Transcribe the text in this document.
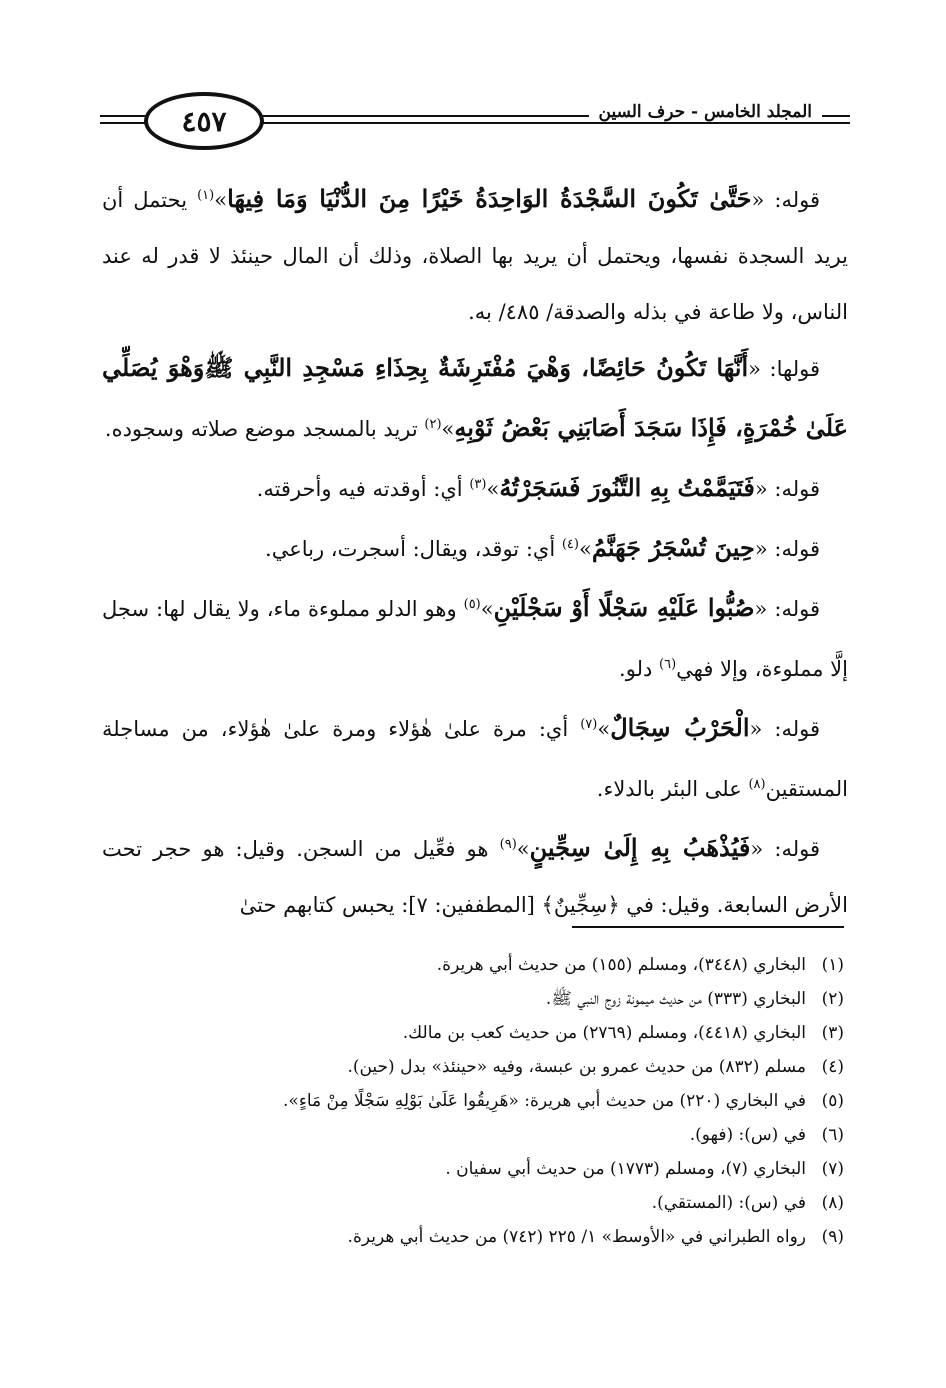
٤٥٧	المجلد الخامس - حرف السين

قوله: «حَتَّىٰ تَكُونَ السَّجْدَةُ الوَاحِدَةُ خَيْرًا مِنَ الدُّنْيَا وَمَا فِيهَا»$^{(١)}$ يحتمل أن يريد السجدة نفسها، ويحتمل أن يريد بها الصلاة، وذلك أن المال حينئذ لا قدر له عند الناس، ولا طاعة في بذله والصدقة/ ٤٨٥/ به.

قولها: «أَنَّهَا تَكُونُ حَائِضًا، وَهْيَ مُفْتَرِشَةٌ بِحِذَاءِ مَسْجِدِ النَّبِي ﷺوَهْوَ يُصَلِّي عَلَىٰ خُمْرَةٍ، فَإِذَا سَجَدَ أَصَابَنِي بَعْضُ ثَوْبِهِ»$^{(٢)}$ تريد بالمسجد موضع صلاته وسجوده.

قوله: «فَتَيَمَّمْتُ بِهِ التَّنُورَ فَسَجَرْتُهُ»$^{(٣)}$ أي: أوقدته فيه وأحرقته.

قوله: «حِينَ تُسْجَرُ جَهَنَّمُ»$^{(٤)}$ أي: توقد، ويقال: أسجرت، رباعي.

قوله: «صُبُّوا عَلَيْهِ سَجْلًا أَوْ سَجْلَيْنِ»$^{(٥)}$ وهو الدلو مملوءة ماء، ولا يقال لها: سجل إلَّا مملوءة، وإلا فهي$^{(٦)}$ دلو.

قوله: «الْحَرْبُ سِجَالٌ»$^{(٧)}$ أي: مرة علىٰ هٰؤلاء ومرة علىٰ هٰؤلاء، من مساجلة المستقين$^{(٨)}$ على البئر بالدلاء.

قوله: «فَيُذْهَبُ بِهِ إِلَىٰ سِجِّينٍ»$^{(٩)}$ هو فعِّيل من السجن. وقيل: هو حجر تحت الأرض السابعة. وقيل: في ﴿سِجِّينٌ﴾ [المطففين: ٧]: يحبس كتابهم حتىٰ

(١)البخاري (٣٤٤٨)، ومسلم (١٥٥) من حديث أبي هريرة.

(٢)البخاري (٣٣٣) من حديث ميمونة زوج النبي ﷺ.

(٣)البخاري (٤٤١٨)، ومسلم (٢٧٦٩) من حديث كعب بن مالك.

(٤)مسلم (٨٣٢) من حديث عمرو بن عبسة، وفيه «حينئذ» بدل (حين).

(٥)في البخاري (٢٢٠) من حديث أبي هريرة: «هَرِيقُوا عَلَىٰ بَوْلِهِ سَجْلًا مِنْ مَاءٍ».

(٦)في (س): (فهو).

(٧)البخاري (٧)، ومسلم (١٧٧٣) من حديث أبي سفيان .

(٨)في (س): (المستقي).

(٩)رواه الطبراني في «الأوسط» ١/ ٢٢٥ (٧٤٢) من حديث أبي هريرة.
